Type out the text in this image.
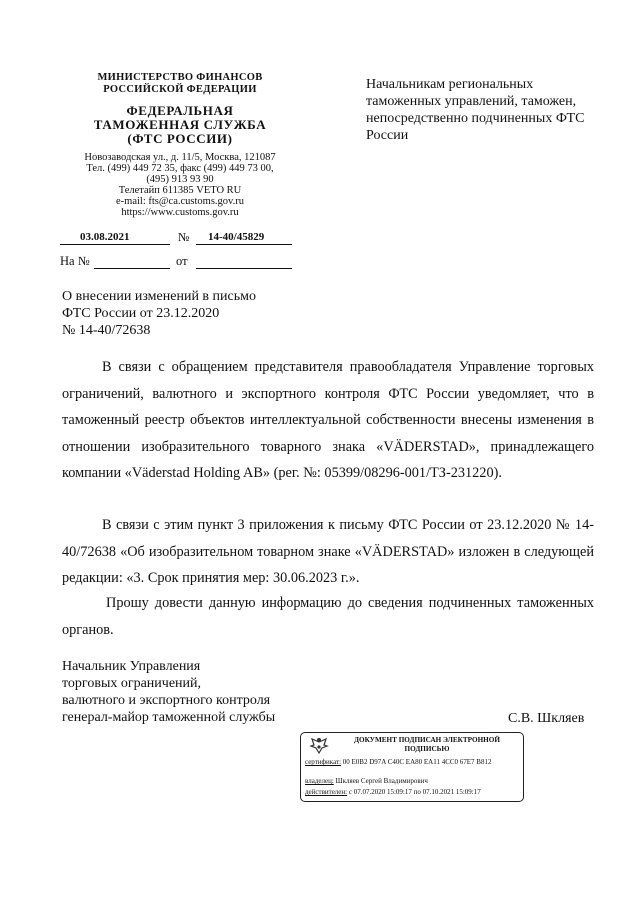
МИНИСТЕРСТВО ФИНАНСОВ
РОССИЙСКОЙ ФЕДЕРАЦИИ
ФЕДЕРАЛЬНАЯ
ТАМОЖЕННАЯ СЛУЖБА
(ФТС РОССИИ)
Новозаводская ул., д. 11/5, Москва, 121087
Тел. (499) 449 72 35, факс (499) 449 73 00,
(495) 913 93 90
Телетайп 611385 VETO RU
e-mail: fts@ca.customs.gov.ru
https://www.customs.gov.ru
03.08.2021	№ 14-40/45829
На №	от
Начальникам региональных таможенных управлений, таможен, непосредственно подчиненных ФТС России
О внесении изменений в письмо
ФТС России от 23.12.2020
№ 14-40/72638
В связи с обращением представителя правообладателя Управление торговых ограничений, валютного и экспортного контроля ФТС России уведомляет, что в таможенный реестр объектов интеллектуальной собственности внесены изменения в отношении изобразительного товарного знака «VÄDERSTAD», принадлежащего компании «Väderstad Holding AB» (рег. №: 05399/08296-001/ТЗ-231220).
В связи с этим пункт 3 приложения к письму ФТС России от 23.12.2020 № 14-40/72638 «Об изобразительном товарном знаке «VÄDERSTAD» изложен в следующей редакции: «3. Срок принятия мер: 30.06.2023 г.».
Прошу довести данную информацию до сведения подчиненных таможенных органов.
Начальник Управления
торговых ограничений,
валютного и экспортного контроля
генерал-майор таможенной службы	С.В. Шкляев
ДОКУМЕНТ ПОДПИСАН ЭЛЕКТРОННОЙ ПОДПИСЬЮ
сертификат: 00 E0B2 D97A C40C EA80 EA11 4CC0 67E7 B812
владелец: Шкляев Сергей Владимирович
действителен: с 07.07.2020 15:09:17 по 07.10.2021 15:09:17
